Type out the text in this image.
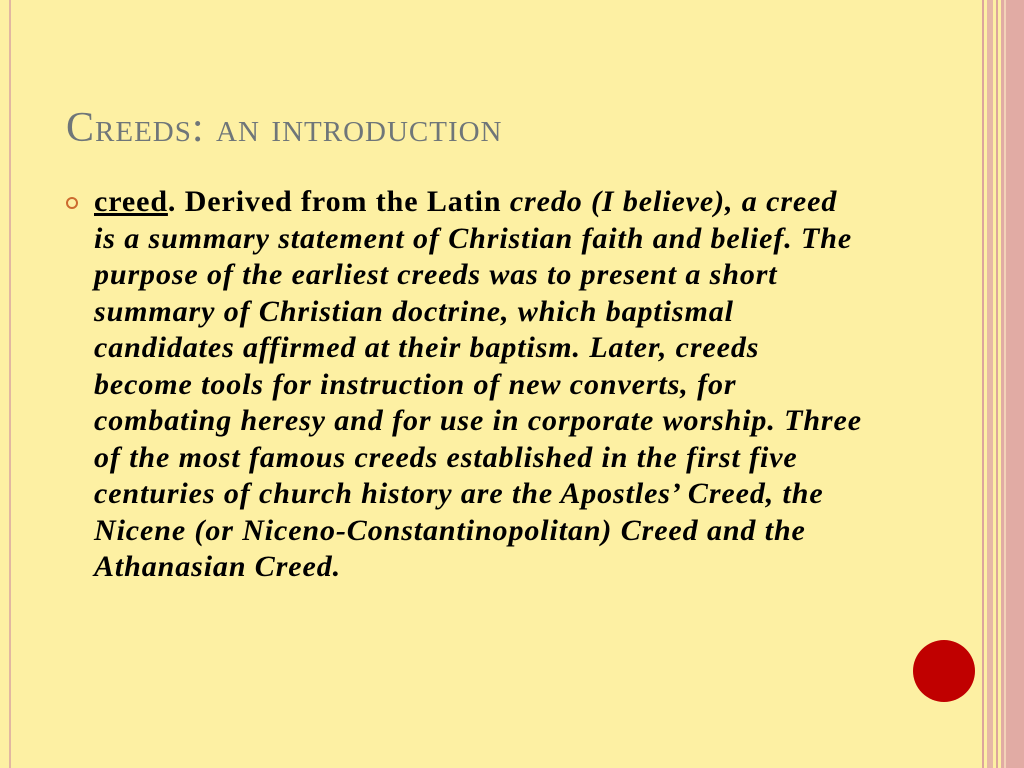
Creeds: an introduction

creed. Derived from the Latin credo (I believe), a creed is a summary statement of Christian faith and belief. The purpose of the earliest creeds was to present a short summary of Christian doctrine, which baptismal candidates affirmed at their baptism. Later, creeds become tools for instruction of new converts, for combating heresy and for use in corporate worship. Three of the most famous creeds established in the first five centuries of church history are the Apostles’ Creed, the Nicene (or Niceno-Constantinopolitan) Creed and the Athanasian Creed.
